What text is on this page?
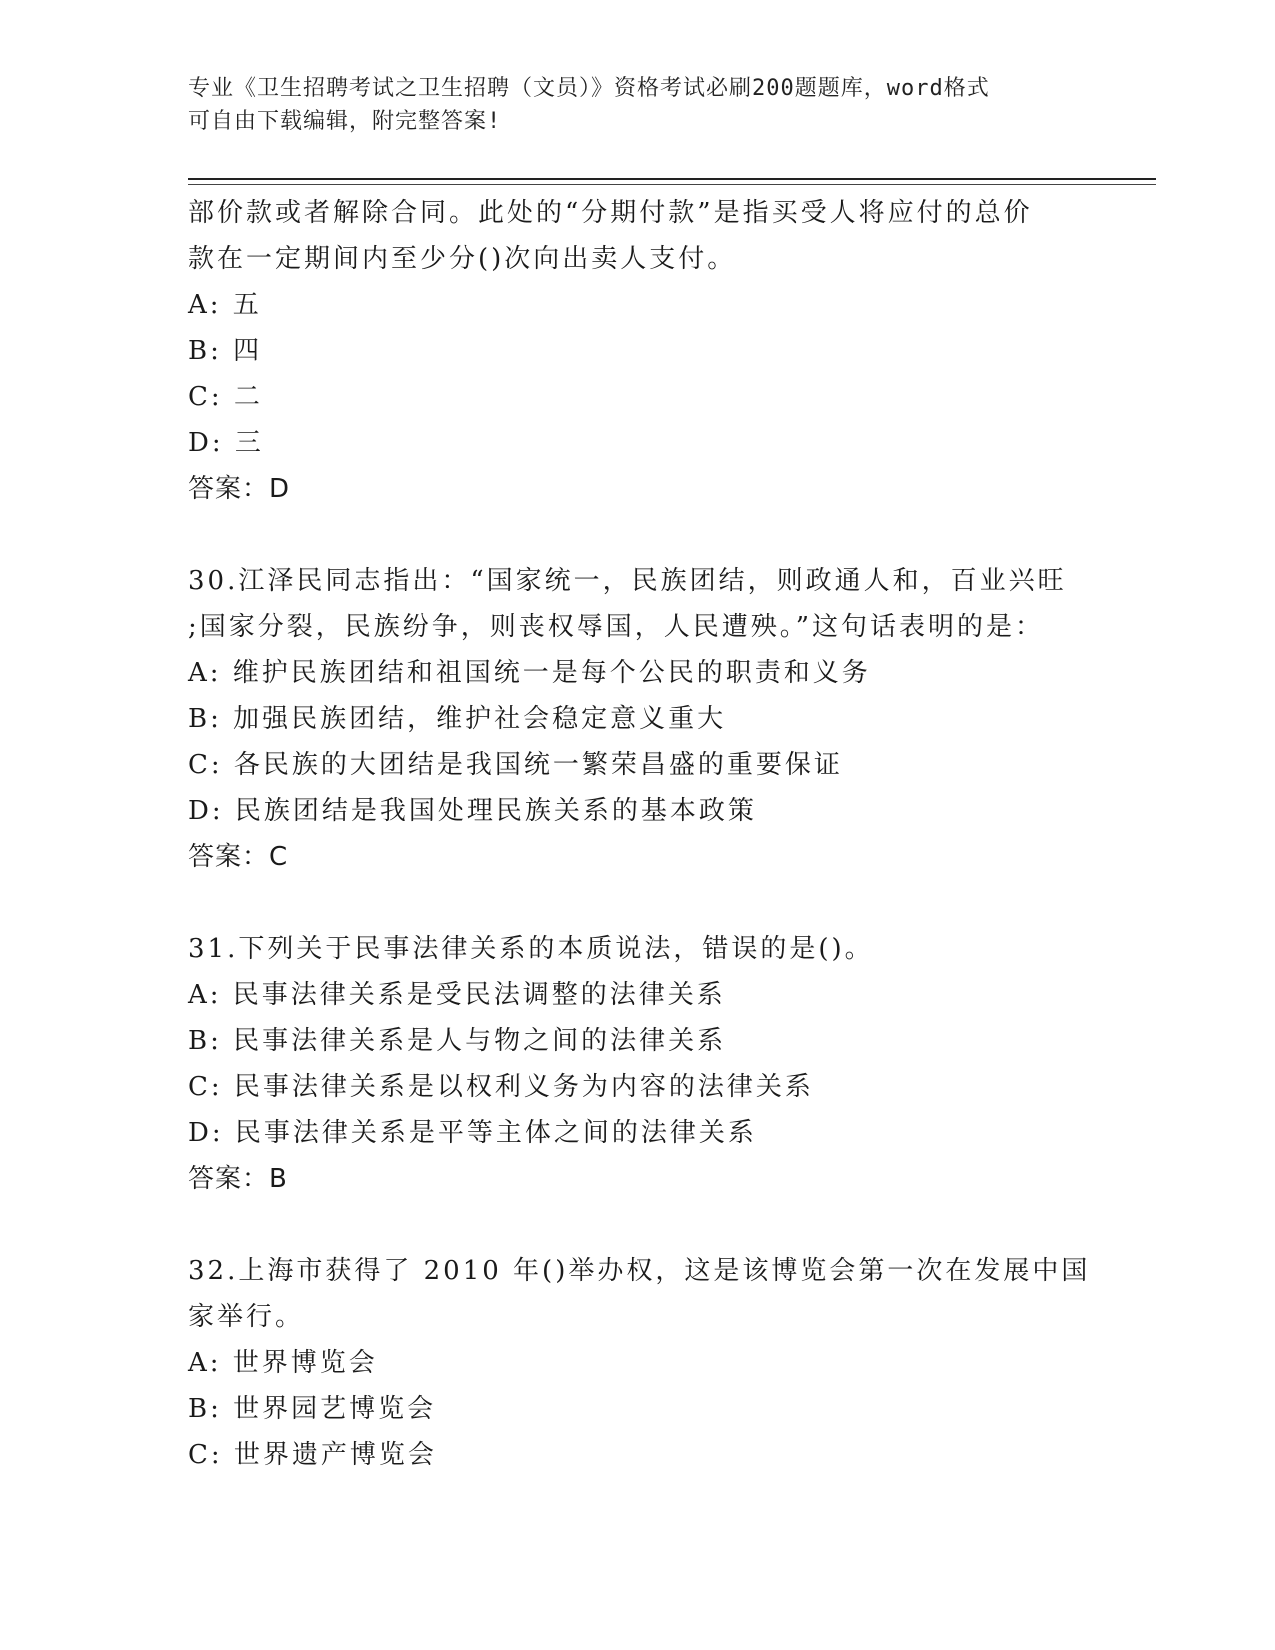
专业《卫生招聘考试之卫生招聘（文员）》资格考试必刷200题题库，word格式
可自由下载编辑，附完整答案!
部价款或者解除合同。此处的“分期付款”是指买受人将应付的总价
款在一定期间内至少分()次向出卖人支付。
A: 五
B: 四
C: 二
D: 三
答案：D
30.江泽民同志指出：“国家统一，民族团结，则政通人和，百业兴旺
;国家分裂，民族纷争，则丧权辱国，人民遭殃。”这句话表明的是：
A: 维护民族团结和祖国统一是每个公民的职责和义务
B: 加强民族团结，维护社会稳定意义重大
C: 各民族的大团结是我国统一繁荣昌盛的重要保证
D: 民族团结是我国处理民族关系的基本政策
答案：C
31.下列关于民事法律关系的本质说法，错误的是()。
A: 民事法律关系是受民法调整的法律关系
B: 民事法律关系是人与物之间的法律关系
C: 民事法律关系是以权利义务为内容的法律关系
D: 民事法律关系是平等主体之间的法律关系
答案：B
32.上海市获得了 2010 年()举办权，这是该博览会第一次在发展中国
家举行。
A: 世界博览会
B: 世界园艺博览会
C: 世界遗产博览会
